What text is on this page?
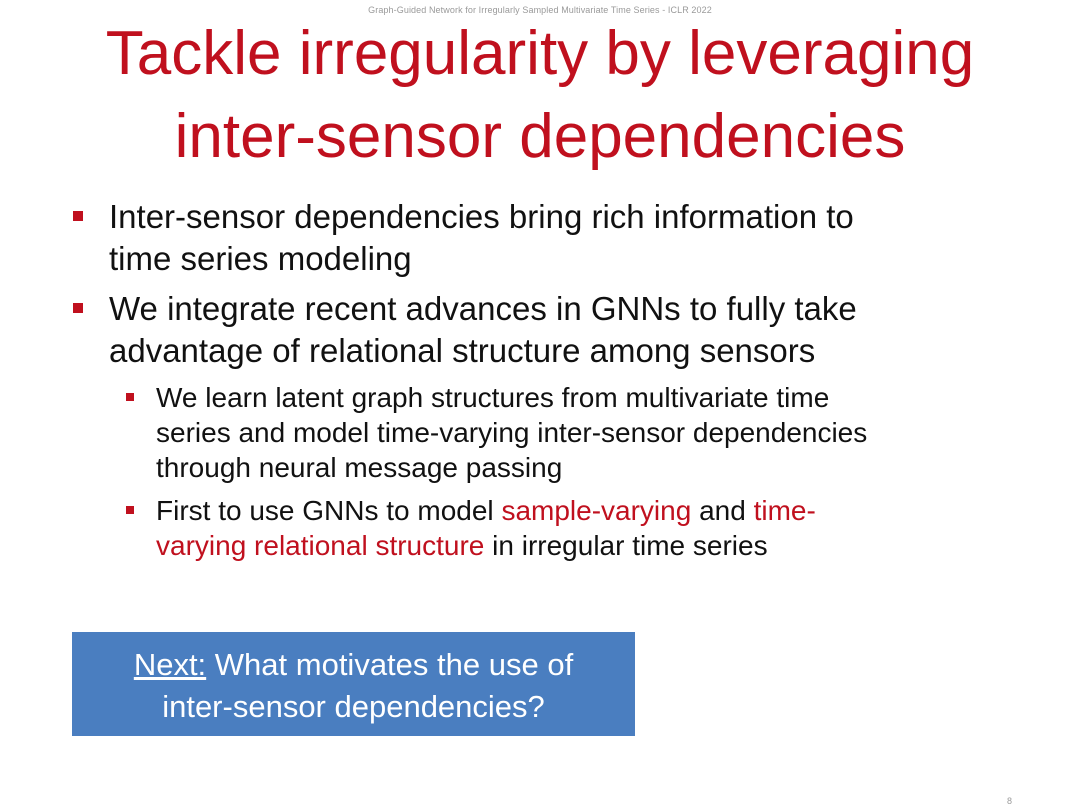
Graph-Guided Network for Irregularly Sampled Multivariate Time Series - ICLR 2022
Tackle irregularity by leveraging
inter-sensor dependencies
Inter-sensor dependencies bring rich information to
time series modeling
We integrate recent advances in GNNs to fully take
advantage of relational structure among sensors
We learn latent graph structures from multivariate time
series and model time-varying inter-sensor dependencies
through neural message passing
First to use GNNs to model sample-varying and time-
varying relational structure in irregular time series
Next: What motivates the use of
inter-sensor dependencies?
8
